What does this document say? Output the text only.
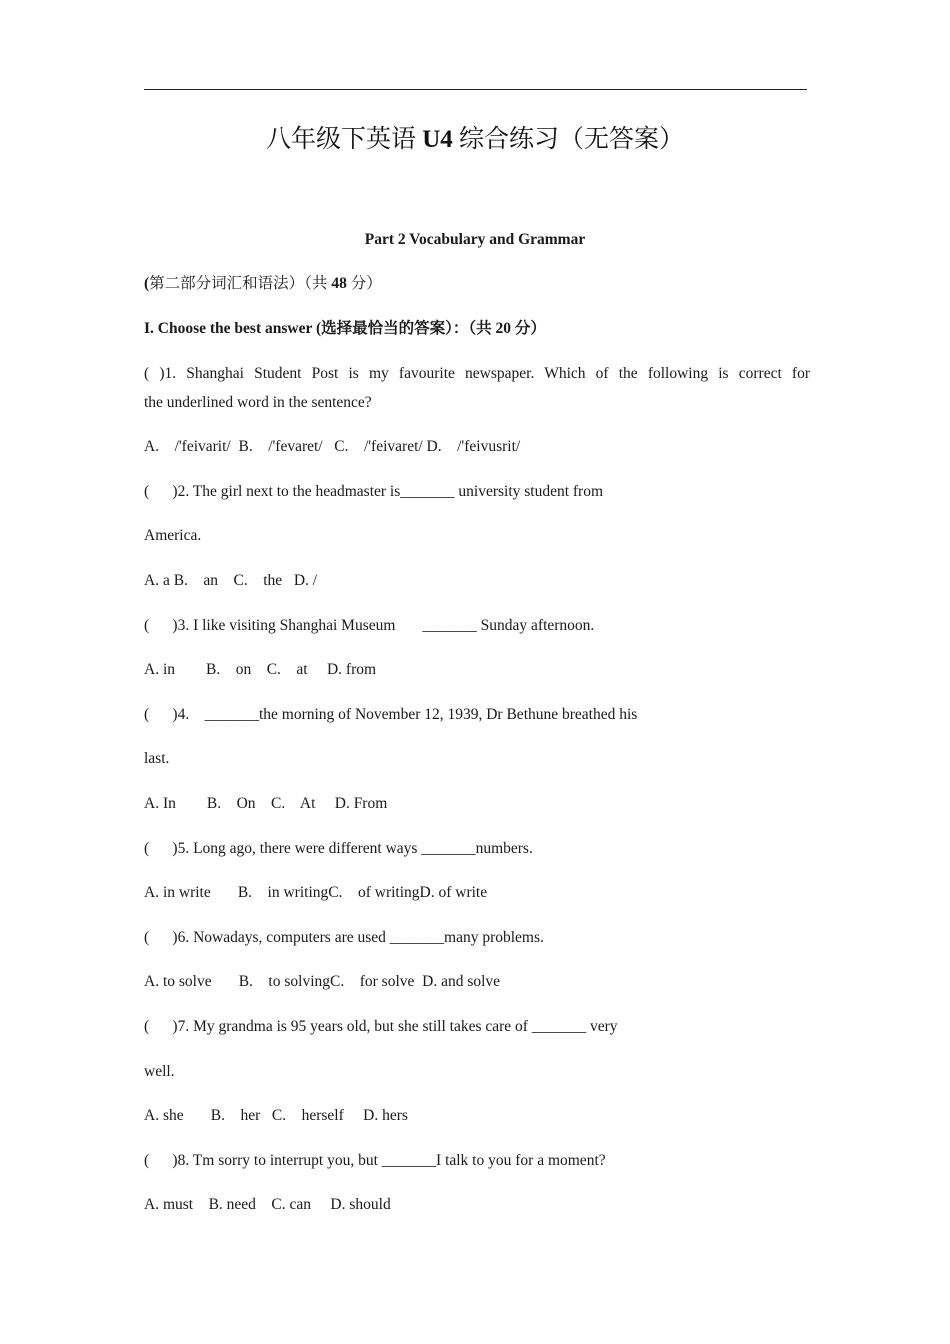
八年级下英语 U4 综合练习（无答案）
Part 2 Vocabulary and Grammar
(第二部分词汇和语法）（共 48 分）
I. Choose the best answer (选择最恰当的答案）：（共 20 分）
( )1. Shanghai Student Post is my favourite newspaper. Which of the following is correct for
the underlined word in the sentence?
A.    /'feivarit/  B.    /'fevaret/   C.    /'feivaret/ D.    /'feivusrit/
(      )2. The girl next to the headmaster is_______ university student from
America.
A. a B.    an    C.    the   D. /
(      )3. I like visiting Shanghai Museum       _______ Sunday afternoon.
A. in        B.    on    C.    at     D. from
(      )4.    _______the morning of November 12, 1939, Dr Bethune breathed his
last.
A. In        B.    On    C.    At     D. From
(      )5. Long ago, there were different ways _______numbers.
A. in write       B.    in writingC.    of writingD. of write
(      )6. Nowadays, computers are used _______many problems.
A. to solve       B.    to solvingC.    for solve  D. and solve
(      )7. My grandma is 95 years old, but she still takes care of _______ very
well.
A. she       B.    her   C.    herself     D. hers
(      )8. Tm sorry to interrupt you, but _______I talk to you for a moment?
A. must    B. need    C. can     D. should
